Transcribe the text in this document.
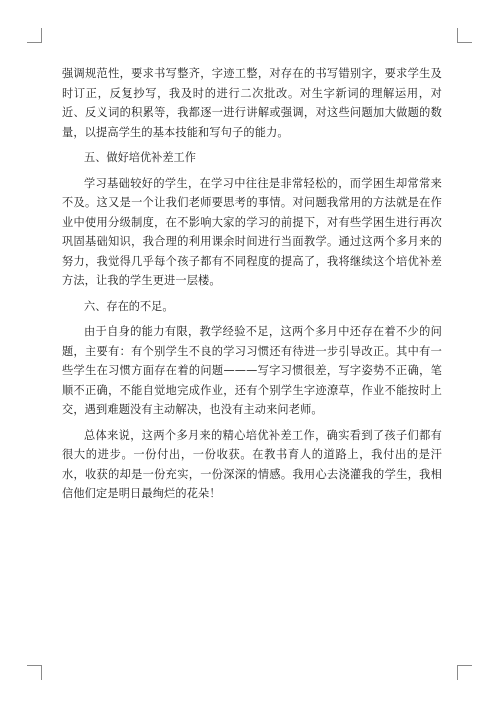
强调规范性，要求书写整齐，字迹工整，对存在的书写错别字，要求学生及时订正，反复抄写，我及时的进行二次批改。对生字新词的理解运用，对近、反义词的积累等，我都逐一进行讲解或强调，对这些问题加大做题的数量，以提高学生的基本技能和写句子的能力。

五、做好培优补差工作

学习基础较好的学生，在学习中往往是非常轻松的，而学困生却常常来不及。这又是一个让我们老师要思考的事情。对问题我常用的方法就是在作业中使用分级制度，在不影响大家的学习的前提下，对有些学困生进行再次巩固基础知识，我合理的利用课余时间进行当面教学。通过这两个多月来的努力，我觉得几乎每个孩子都有不同程度的提高了，我将继续这个培优补差方法，让我的学生更进一层楼。

六、存在的不足。

由于自身的能力有限，教学经验不足，这两个多月中还存在着不少的问题，主要有：有个别学生不良的学习习惯还有待进一步引导改正。其中有一些学生在习惯方面存在着的问题———写字习惯很差，写字姿势不正确，笔顺不正确，不能自觉地完成作业，还有个别学生字迹潦草，作业不能按时上交，遇到难题没有主动解决，也没有主动来问老师。

总体来说，这两个多月来的精心培优补差工作，确实看到了孩子们都有很大的进步。一份付出，一份收获。在教书育人的道路上，我付出的是汗水，收获的却是一份充实，一份深深的情感。我用心去浇灌我的学生，我相信他们定是明日最绚烂的花朵！
